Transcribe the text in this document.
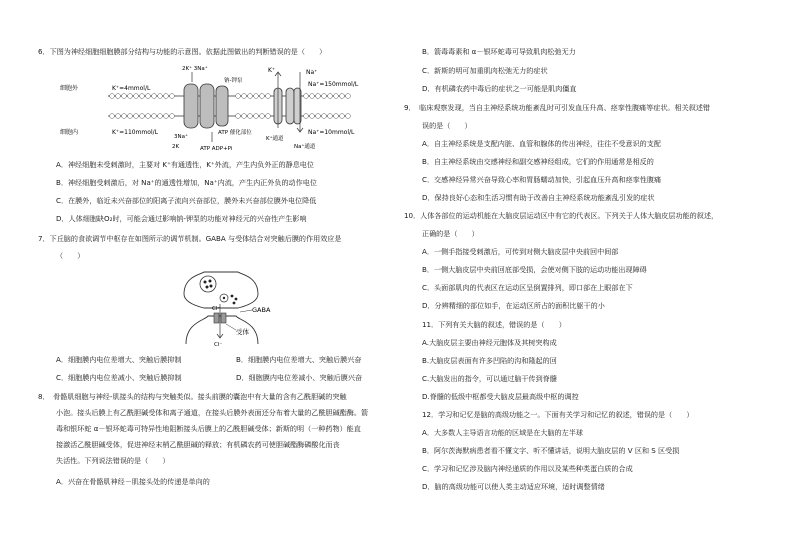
6．下图为神经细胞细胞膜部分结构与功能的示意图。依据此图做出的判断错误的是（　　）
细胞外
细胞内
K⁺=4mmol/L
K⁺=110mmol/L
Na⁺=150mmol/L
Na⁺=10mmol/L
2K⁺ 3Na⁺
钠-钾泵
3Na⁺
2K
ATP 催化部位
ATP ADP+Pi
K⁺	Na⁺
K⁺通道
Na⁺通道
A．神经细胞未受刺激时，主要对 K⁺有通透性，K⁺外流，产生内负外正的静息电位
B．神经细胞受刺激后，对 Na⁺的通透性增加，Na⁺内流，产生内正外负的动作电位
C．在膜外，临近未兴奋部位的阳离子流向兴奋部位，膜外未兴奋部位膜外电位降低
D．人体细胞缺O₂时，可能会通过影响钠-钾泵的功能对神经元的兴奋性产生影响
7．下丘脑的食欲调节中枢存在如图所示的调节机制。GABA 与受体结合对突触后膜的作用效应是
（　　）
GABA
受体
Cl⁻
Cl⁻
A．细胞膜内电位差增大、突触后膜抑制	B．细胞膜内电位差增大、突触后膜兴奋
C．细胞膜内电位差减小、突触后膜抑制	D．细胞膜内电位差减小、突触后膜兴奋
8．　骨骼肌细胞与神经-肌接头的结构与突触类似。接头前膜的囊泡中有大量的含有乙酰胆碱的突触
小泡。接头后膜上有乙酰胆碱受体和离子通道，在接头后膜外表面还分布着大量的乙酰胆碱酯酶。箭
毒和银环蛇 α－银环蛇毒可特异性地阻断接头后膜上的乙酰胆碱受体；新斯的明（一种药物）能直
接激活乙酰胆碱受体，促进神经末梢乙酰胆碱的释放；有机磷农药可使胆碱酯酶磷酸化而丧
失活性。下列说法错误的是（　　）
A．兴奋在骨骼肌神经－肌接头处的传递是单向的
B．箭毒毒素和 α－银环蛇毒可导致肌肉松弛无力
C．新斯的明可加重肌肉松弛无力的症状
D．有机磷农药中毒后的症状之一可能是肌肉僵直
9．　临床观察发现，当自主神经系统功能紊乱时可引发血压升高、痉挛性腹痛等症状。相关叙述错
误的是（　　）
A．自主神经系统是支配内脏、血管和腺体的传出神经，往往不受意识的支配
B．自主神经系统由交感神经和副交感神经组成，它们的作用通常是相反的
C．交感神经异常兴奋导致心率和胃肠蠕动加快，引起血压升高和痉挛性腹痛
D．保持良好心态和生活习惯有助于改善自主神经系统功能紊乱引发的症状
10．人体各部位的运动机能在大脑皮层运动区中有它的代表区。下列关于人体大脑皮层功能的叙述，
正确的是（　　）
A．一侧手指接受刺激后，可传到对侧大脑皮层中央前回中间部
B．一侧大脑皮层中央前回底部受损，会使对侧下肢的运动功能出现障碍
C．头面部肌肉的代表区在运动区呈倒置排列，即口部在上眼部在下
D．分辨精细的部位如手，在运动区所占的面积比躯干的小
11．下列有关大脑的叙述，错误的是（　　）
A.大脑皮层主要由神经元胞体及其树突构成
B.大脑皮层表面有许多凹陷的沟和隆起的回
C.大脑发出的指令，可以通过脑干传到脊髓
D.脊髓的低级中枢都受大脑皮层最高级中枢的调控
12．学习和记忆是脑的高级功能之一。下面有关学习和记忆的叙述，错误的是（　　）
A．大多数人主导语言功能的区域是在大脑的左半球
B．阿尔茨海默病患者看不懂文字、听不懂讲话，说明大脑皮层的 V 区和 S 区受损
C．学习和记忆涉及脑内神经递质的作用以及某些种类蛋白质的合成
D．脑的高级功能可以使人类主动适应环境，适时调整情绪
